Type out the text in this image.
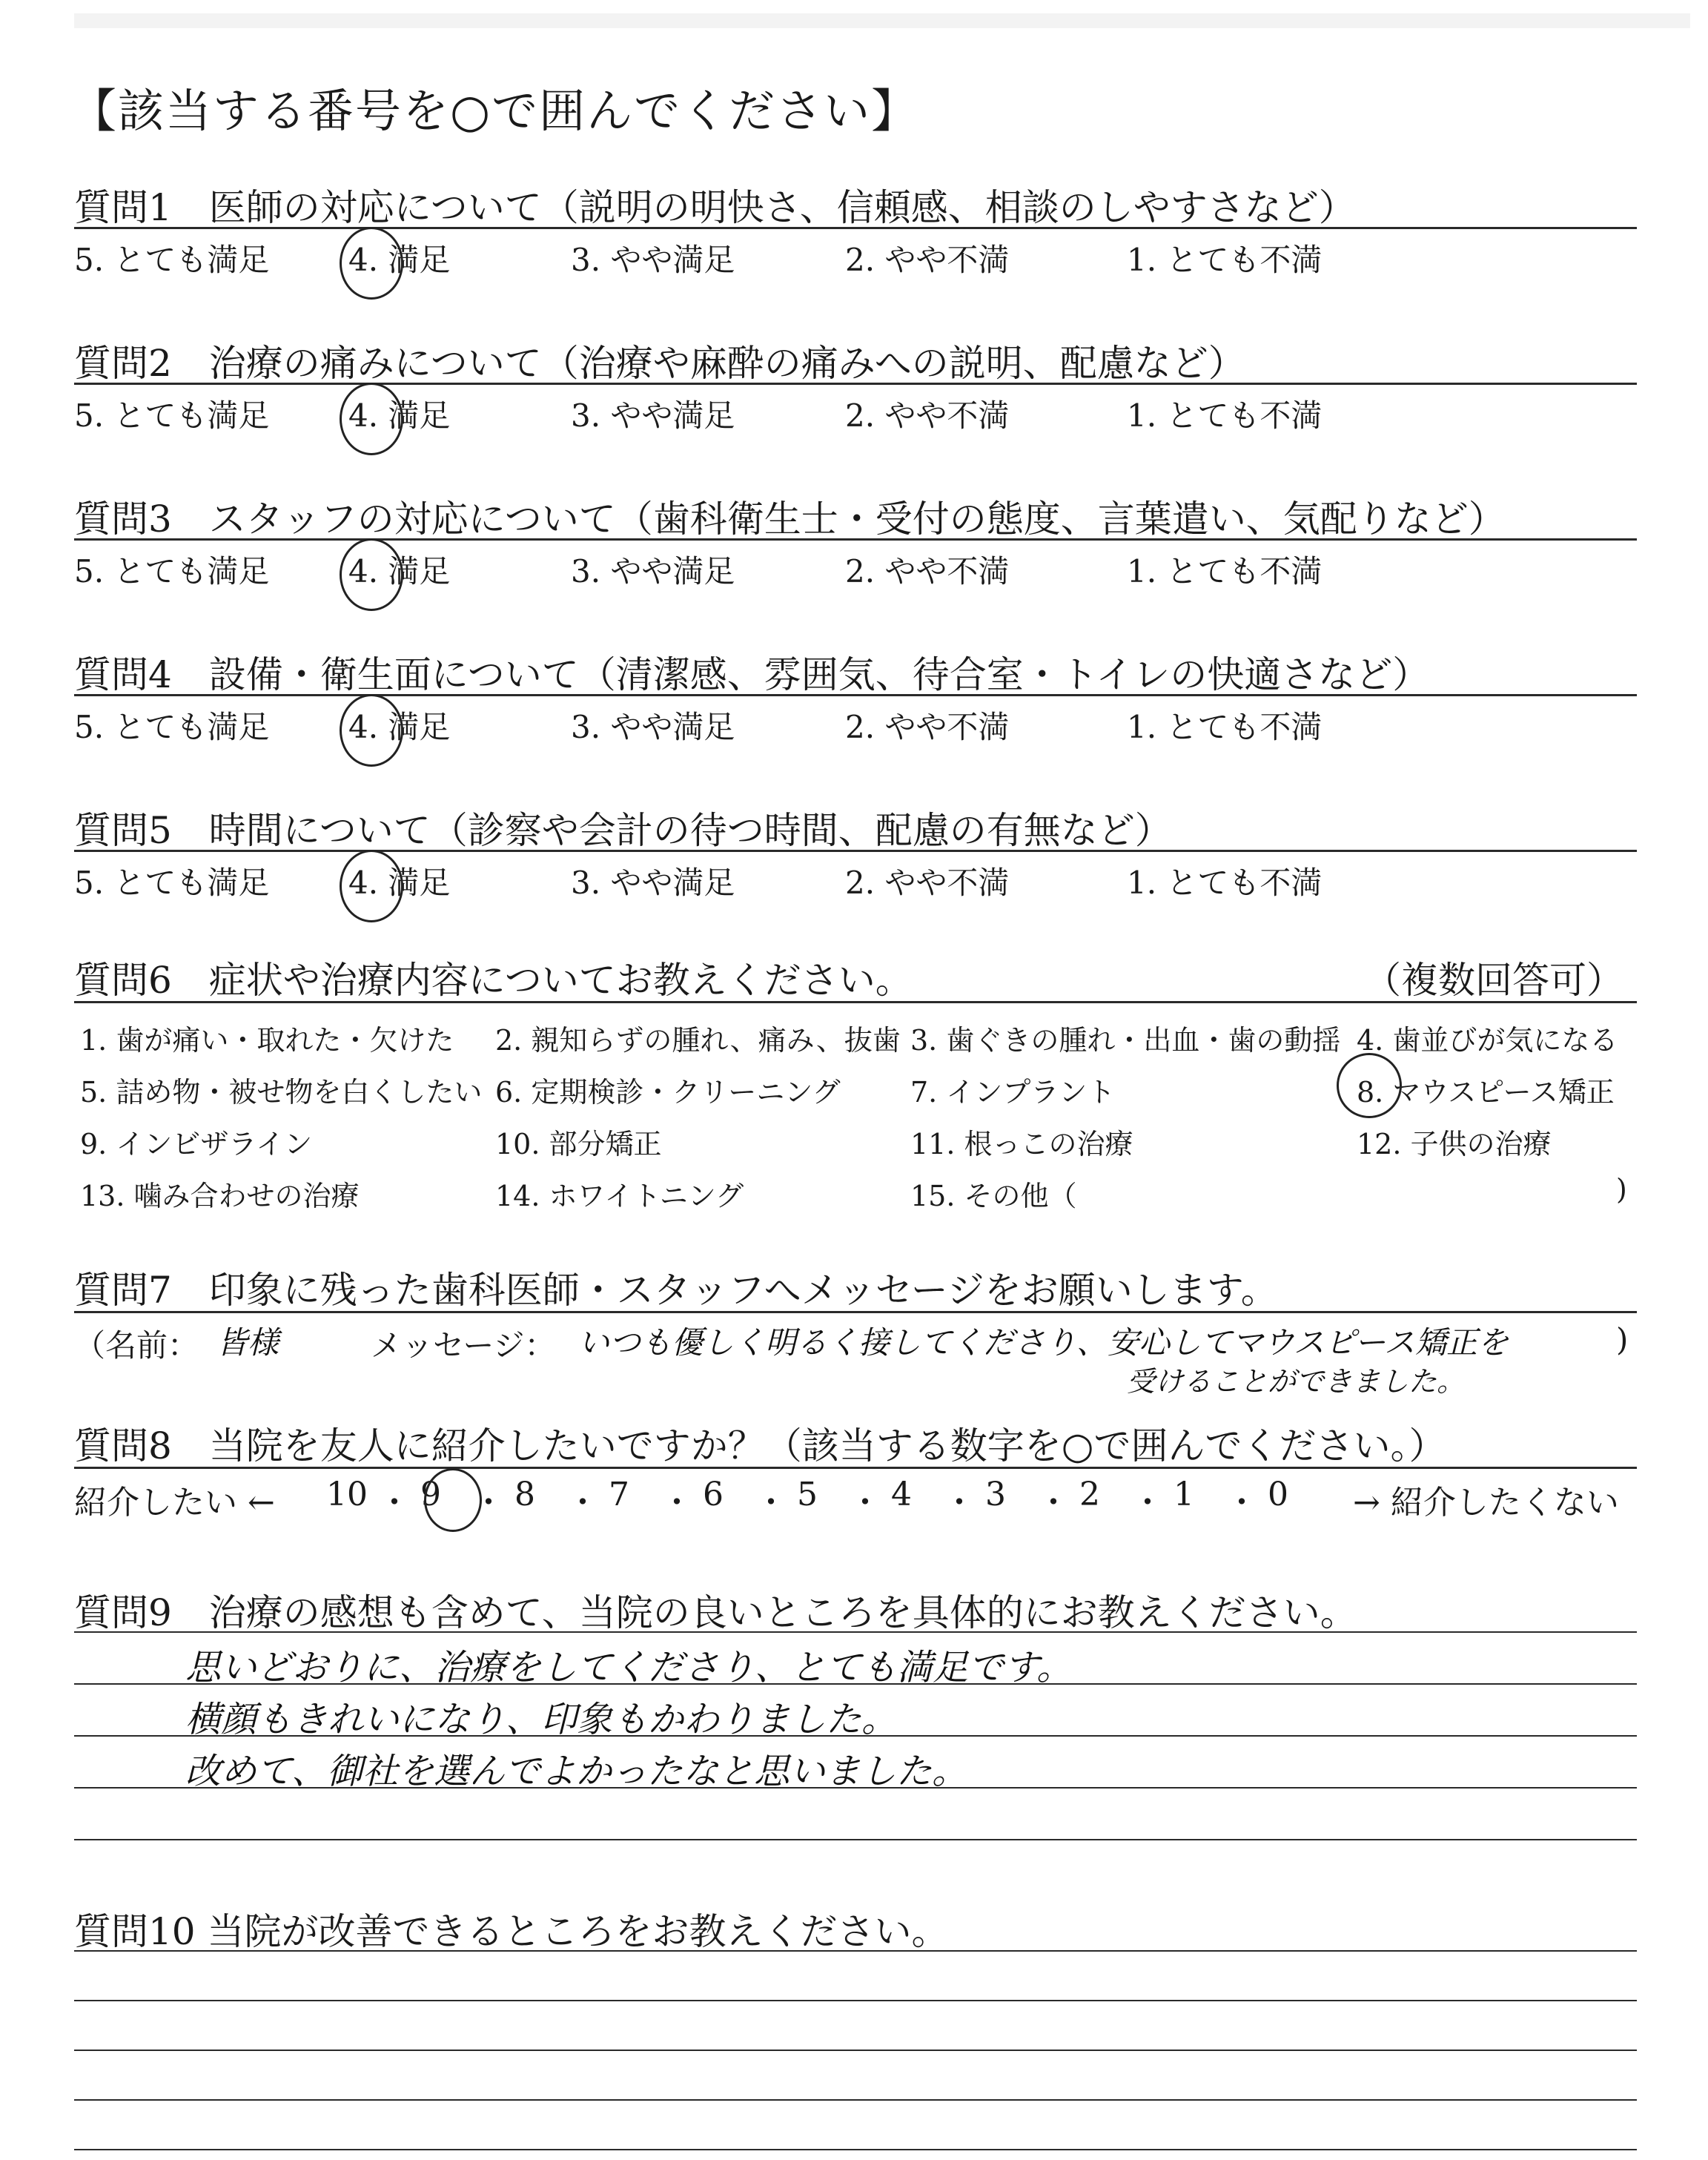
【該当する番号を○で囲んでください】
質問1　医師の対応について（説明の明快さ、信頼感、相談のしやすさなど）
5. とても満足	4. 満足	3. やや満足	2. やや不満	1. とても不満
質問2　治療の痛みについて（治療や麻酔の痛みへの説明、配慮など）
5. とても満足	4. 満足	3. やや満足	2. やや不満	1. とても不満
質問3　スタッフの対応について（歯科衛生士・受付の態度、言葉遣い、気配りなど）
5. とても満足	4. 満足	3. やや満足	2. やや不満	1. とても不満
質問4　設備・衛生面について（清潔感、雰囲気、待合室・トイレの快適さなど）
5. とても満足	4. 満足	3. やや満足	2. やや不満	1. とても不満
質問5　時間について（診察や会計の待つ時間、配慮の有無など）
5. とても満足	4. 満足	3. やや満足	2. やや不満	1. とても不満
質問6　症状や治療内容についてお教えください。	（複数回答可）
1. 歯が痛い・取れた・欠けた 2. 親知らずの腫れ、痛み、抜歯 3. 歯ぐきの腫れ・出血・歯の動揺 4. 歯並びが気になる
5. 詰め物・被せ物を白くしたい 6. 定期検診・クリーニング 7. インプラント	8. マウスピース矯正
9. インビザライン	10. 部分矯正	11. 根っこの治療	12. 子供の治療
13. 噛み合わせの治療	14. ホワイトニング	15. その他（	)
質問7　印象に残った歯科医師・スタッフへメッセージをお願いします。
（名前： 皆様	メッセージ： いつも優しく明るく接してくださり、安心してマウスピース矯正を
受けることができました。
)
質問8　当院を友人に紹介したいですか？（該当する数字を○で囲んでください。）
紹介したい ← 10 ・ 9 ・ 8 ・ 7 ・ 6 ・ 5 ・ 4 ・ 3 ・ 2 ・ 1 ・ 0 → 紹介したくない
質問9　治療の感想も含めて、当院の良いところを具体的にお教えください。
思いどおりに、治療をしてくださり、とても満足です。
横顔もきれいになり、印象もかわりました。
改めて、御社を選んでよかったなと思いました。
質問10 当院が改善できるところをお教えください。
